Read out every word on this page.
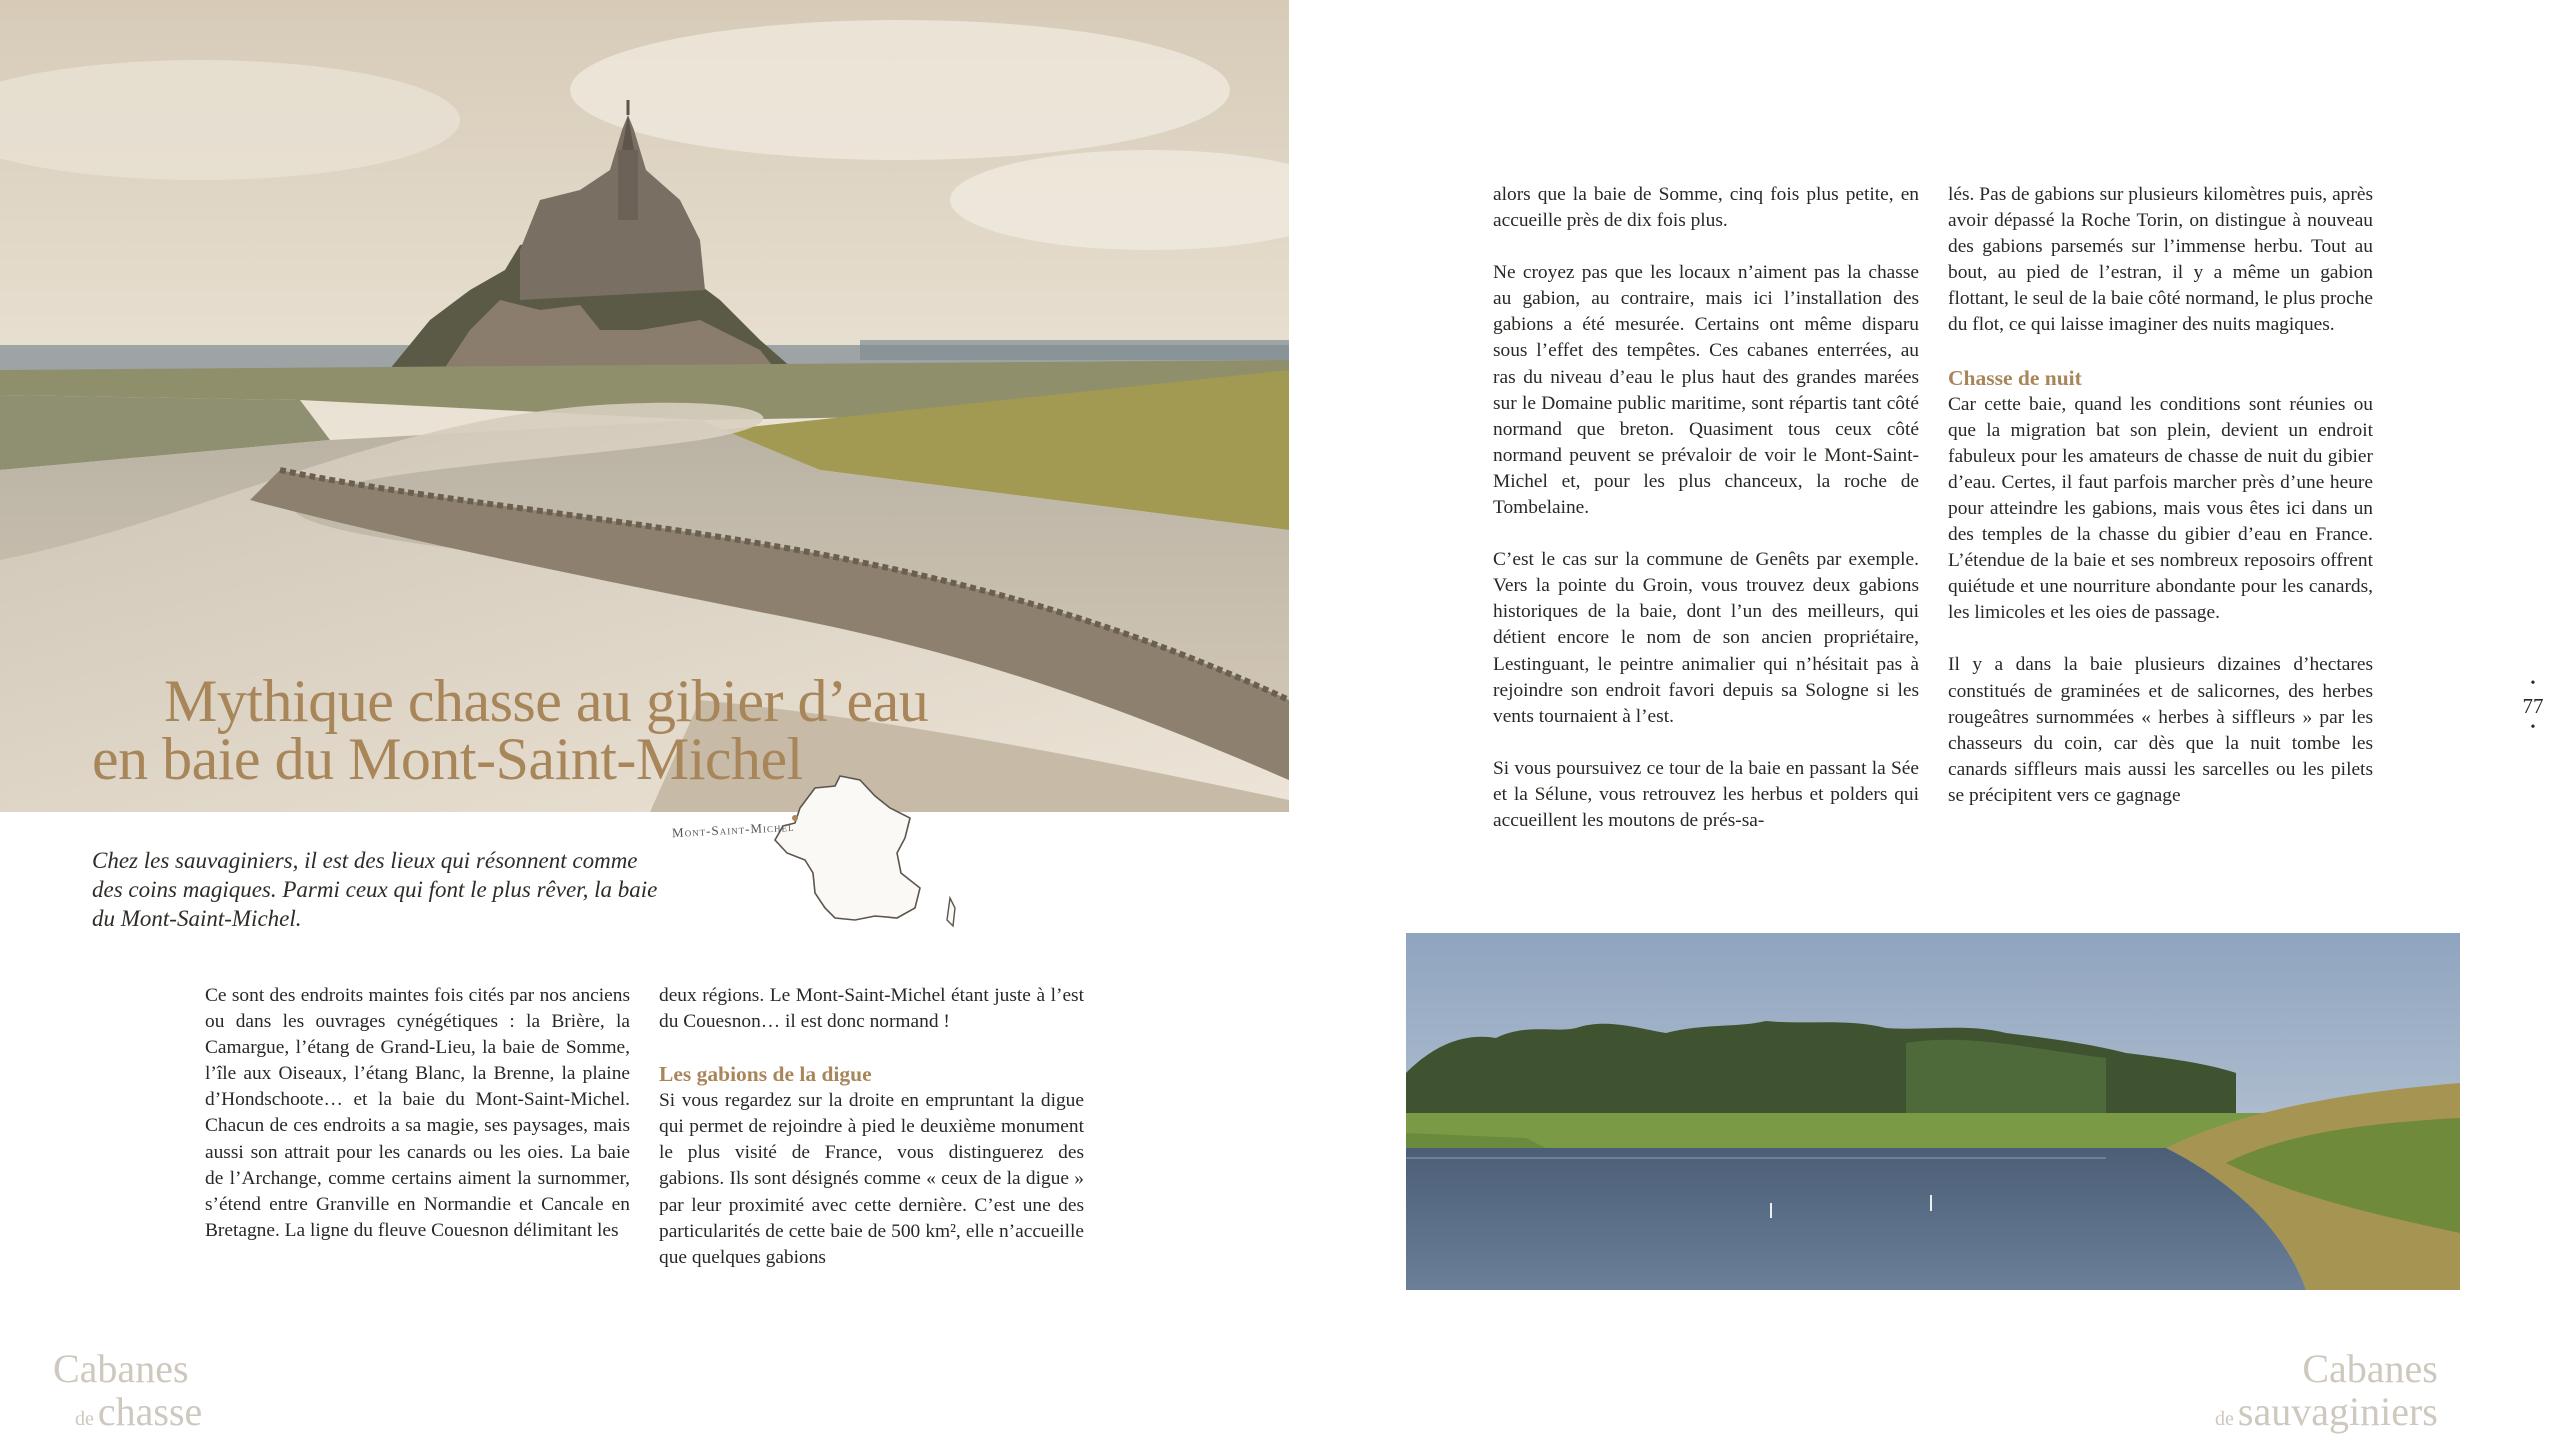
Mythique chasse au gibier d’eau
en baie du Mont-Saint-Michel
Chez les sauvaginiers, il est des lieux qui résonnent comme des coins magiques. Parmi ceux qui font le plus rêver, la baie du Mont-Saint-Michel.
Mont-Saint-Michel

Ce sont des endroits maintes fois cités par nos anciens ou dans les ouvrages cynégétiques : la Brière, la Camargue, l’étang de Grand-Lieu, la baie de Somme, l’île aux Oiseaux, l’étang Blanc, la Brenne, la plaine d’Hondschoote… et la baie du Mont-Saint-Michel. Chacun de ces endroits a sa magie, ses paysages, mais aussi son attrait pour les canards ou les oies. La baie de l’Archange, comme certains aiment la surnommer, s’étend entre Granville en Normandie et Cancale en Bretagne. La ligne du fleuve Couesnon délimitant les

deux régions. Le Mont-Saint-Michel étant juste à l’est du Couesnon… il est donc normand !

Les gabions de la digue

Si vous regardez sur la droite en empruntant la digue qui permet de rejoindre à pied le deuxième monument le plus visité de France, vous distinguerez des gabions. Ils sont désignés comme « ceux de la digue » par leur proximité avec cette dernière. C’est une des particularités de cette baie de 500 km², elle n’accueille que quelques gabions

alors que la baie de Somme, cinq fois plus petite, en accueille près de dix fois plus.

Ne croyez pas que les locaux n’aiment pas la chasse au gabion, au contraire, mais ici l’installation des gabions a été mesurée. Certains ont même disparu sous l’effet des tempêtes. Ces cabanes enterrées, au ras du niveau d’eau le plus haut des grandes marées sur le Domaine public maritime, sont répartis tant côté normand que breton. Quasiment tous ceux côté normand peuvent se prévaloir de voir le Mont-Saint-Michel et, pour les plus chanceux, la roche de Tombelaine.

C’est le cas sur la commune de Genêts par exemple. Vers la pointe du Groin, vous trouvez deux gabions historiques de la baie, dont l’un des meilleurs, qui détient encore le nom de son ancien propriétaire, Lestinguant, le peintre animalier qui n’hésitait pas à rejoindre son endroit favori depuis sa Sologne si les vents tournaient à l’est.

Si vous poursuivez ce tour de la baie en passant la Sée et la Sélune, vous retrouvez les herbus et polders qui accueillent les moutons de prés-sa-

lés. Pas de gabions sur plusieurs kilomètres puis, après avoir dépassé la Roche Torin, on distingue à nouveau des gabions parsemés sur l’immense herbu. Tout au bout, au pied de l’estran, il y a même un gabion flottant, le seul de la baie côté normand, le plus proche du flot, ce qui laisse imaginer des nuits magiques.

Chasse de nuit

Car cette baie, quand les conditions sont réunies ou que la migration bat son plein, devient un endroit fabuleux pour les amateurs de chasse de nuit du gibier d’eau. Certes, il faut parfois marcher près d’une heure pour atteindre les gabions, mais vous êtes ici dans un des temples de la chasse du gibier d’eau en France. L’étendue de la baie et ses nombreux reposoirs offrent quiétude et une nourriture abondante pour les canards, les limicoles et les oies de passage.

Il y a dans la baie plusieurs dizaines d’hectares constitués de graminées et de salicornes, des herbes rougeâtres surnommées « herbes à siffleurs » par les chasseurs du coin, car dès que la nuit tombe les canards siffleurs mais aussi les sarcelles ou les pilets se précipitent vers ce gagnage

•
77
•
Cabanes
de chasse
Cabanes
de sauvaginiers
